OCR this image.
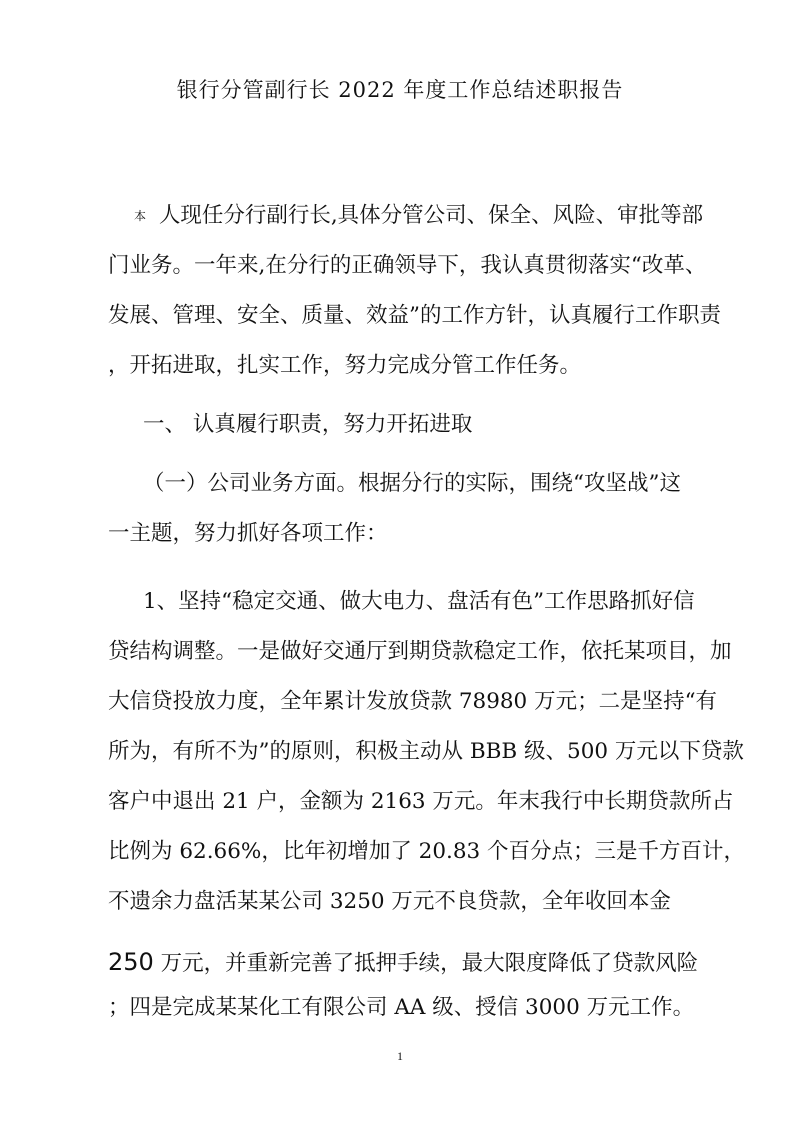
银行分管副行长 2022 年度工作总结述职报告
本 人现任分行副行长,具体分管公司、保全、风险、审批等部
门业务。一年来,在分行的正确领导下，我认真贯彻落实“改革、
发展、管理、安全、质量、效益”的工作方针，认真履行工作职责
，开拓进取，扎实工作，努力完成分管工作任务。
一、 认真履行职责，努力开拓进取
（一）公司业务方面。根据分行的实际，围绕“攻坚战”这
一主题，努力抓好各项工作：
1、坚持“稳定交通、做大电力、盘活有色”工作思路抓好信
贷结构调整。一是做好交通厅到期贷款稳定工作，依托某项目，加
大信贷投放力度，全年累计发放贷款 78980 万元；二是坚持“有
所为，有所不为”的原则，积极主动从 BBB 级、500 万元以下贷款
客户中退出 21 户，金额为 2163 万元。年末我行中长期贷款所占
比例为 62.66%，比年初增加了 20.83 个百分点；三是千方百计，
不遗余力盘活某某公司 3250 万元不良贷款，全年收回本金
250 万元，并重新完善了抵押手续，最大限度降低了贷款风险
；四是完成某某化工有限公司 AA 级、授信 3000 万元工作。
1
